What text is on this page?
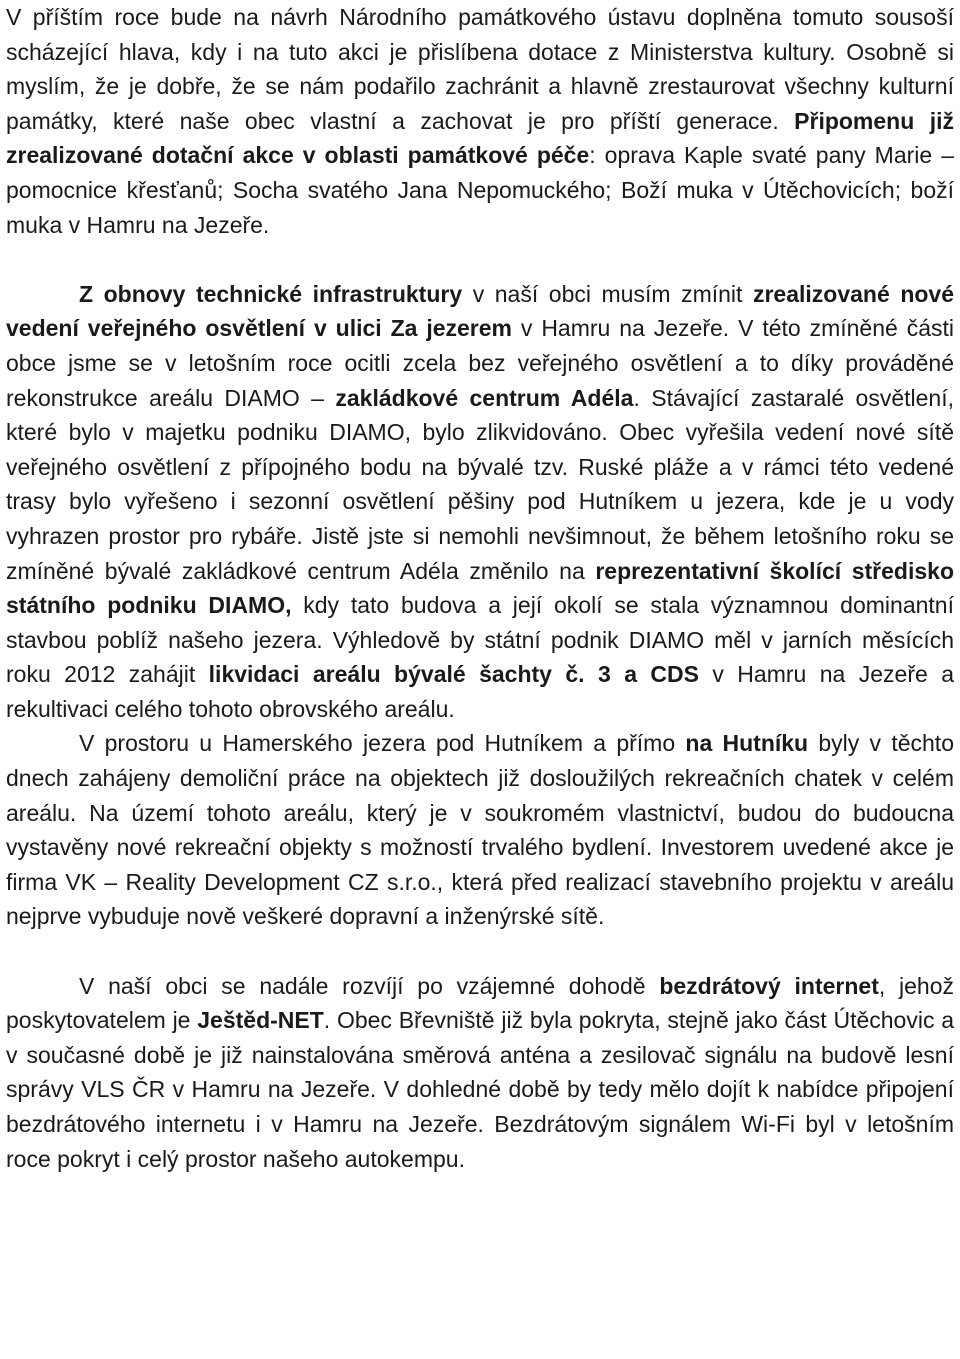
V příštím roce bude na návrh Národního památkového ústavu doplněna tomuto sousoší scházející hlava, kdy i na tuto akci je přislíbena dotace z Ministerstva kultury. Osobně si myslím, že je dobře, že se nám podařilo zachránit a hlavně zrestaurovat všechny kulturní památky, které naše obec vlastní a zachovat je pro příští generace. Připomenu již zrealizované dotační akce v oblasti památkové péče: oprava Kaple svaté pany Marie – pomocnice křesťanů; Socha svatého Jana Nepomuckého; Boží muka v Útěchovicích; boží muka v Hamru na Jezeře.

Z obnovy technické infrastruktury v naší obci musím zmínit zrealizované nové vedení veřejného osvětlení v ulici Za jezerem v Hamru na Jezeře. V této zmíněné části obce jsme se v letošním roce ocitli zcela bez veřejného osvětlení a to díky prováděné rekonstrukce areálu DIAMO – zakládkové centrum Adéla. Stávající zastaralé osvětlení, které bylo v majetku podniku DIAMO, bylo zlikvidováno. Obec vyřešila vedení nové sítě veřejného osvětlení z přípojného bodu na bývalé tzv. Ruské pláže a v rámci této vedené trasy bylo vyřešeno i sezonní osvětlení pěšiny pod Hutníkem u jezera, kde je u vody vyhrazen prostor pro rybáře. Jistě jste si nemohli nevšimnout, že během letošního roku se zmíněné bývalé zakládkové centrum Adéla změnilo na reprezentativní školící středisko státního podniku DIAMO, kdy tato budova a její okolí se stala významnou dominantní stavbou poblíž našeho jezera. Výhledově by státní podnik DIAMO měl v jarních měsících roku 2012 zahájit likvidaci areálu bývalé šachty č. 3 a CDS v Hamru na Jezeře a rekultivaci celého tohoto obrovského areálu.

V prostoru u Hamerského jezera pod Hutníkem a přímo na Hutníku byly v těchto dnech zahájeny demoliční práce na objektech již dosloužilých rekreačních chatek v celém areálu. Na území tohoto areálu, který je v soukromém vlastnictví, budou do budoucna vystavěny nové rekreační objekty s možností trvalého bydlení. Investorem uvedené akce je firma VK – Reality Development CZ s.r.o., která před realizací stavebního projektu v areálu nejprve vybuduje nově veškeré dopravní a inženýrské sítě.

V naší obci se nadále rozvíjí po vzájemné dohodě bezdrátový internet, jehož poskytovatelem je Ještěd-NET. Obec Břevniště již byla pokryta, stejně jako část Útěchovic a v současné době je již nainstalována směrová anténa a zesilovač signálu na budově lesní správy VLS ČR v Hamru na Jezeře. V dohledné době by tedy mělo dojít k nabídce připojení bezdrátového internetu i v Hamru na Jezeře. Bezdrátovým signálem Wi-Fi byl v letošním roce pokryt i celý prostor našeho autokempu.
